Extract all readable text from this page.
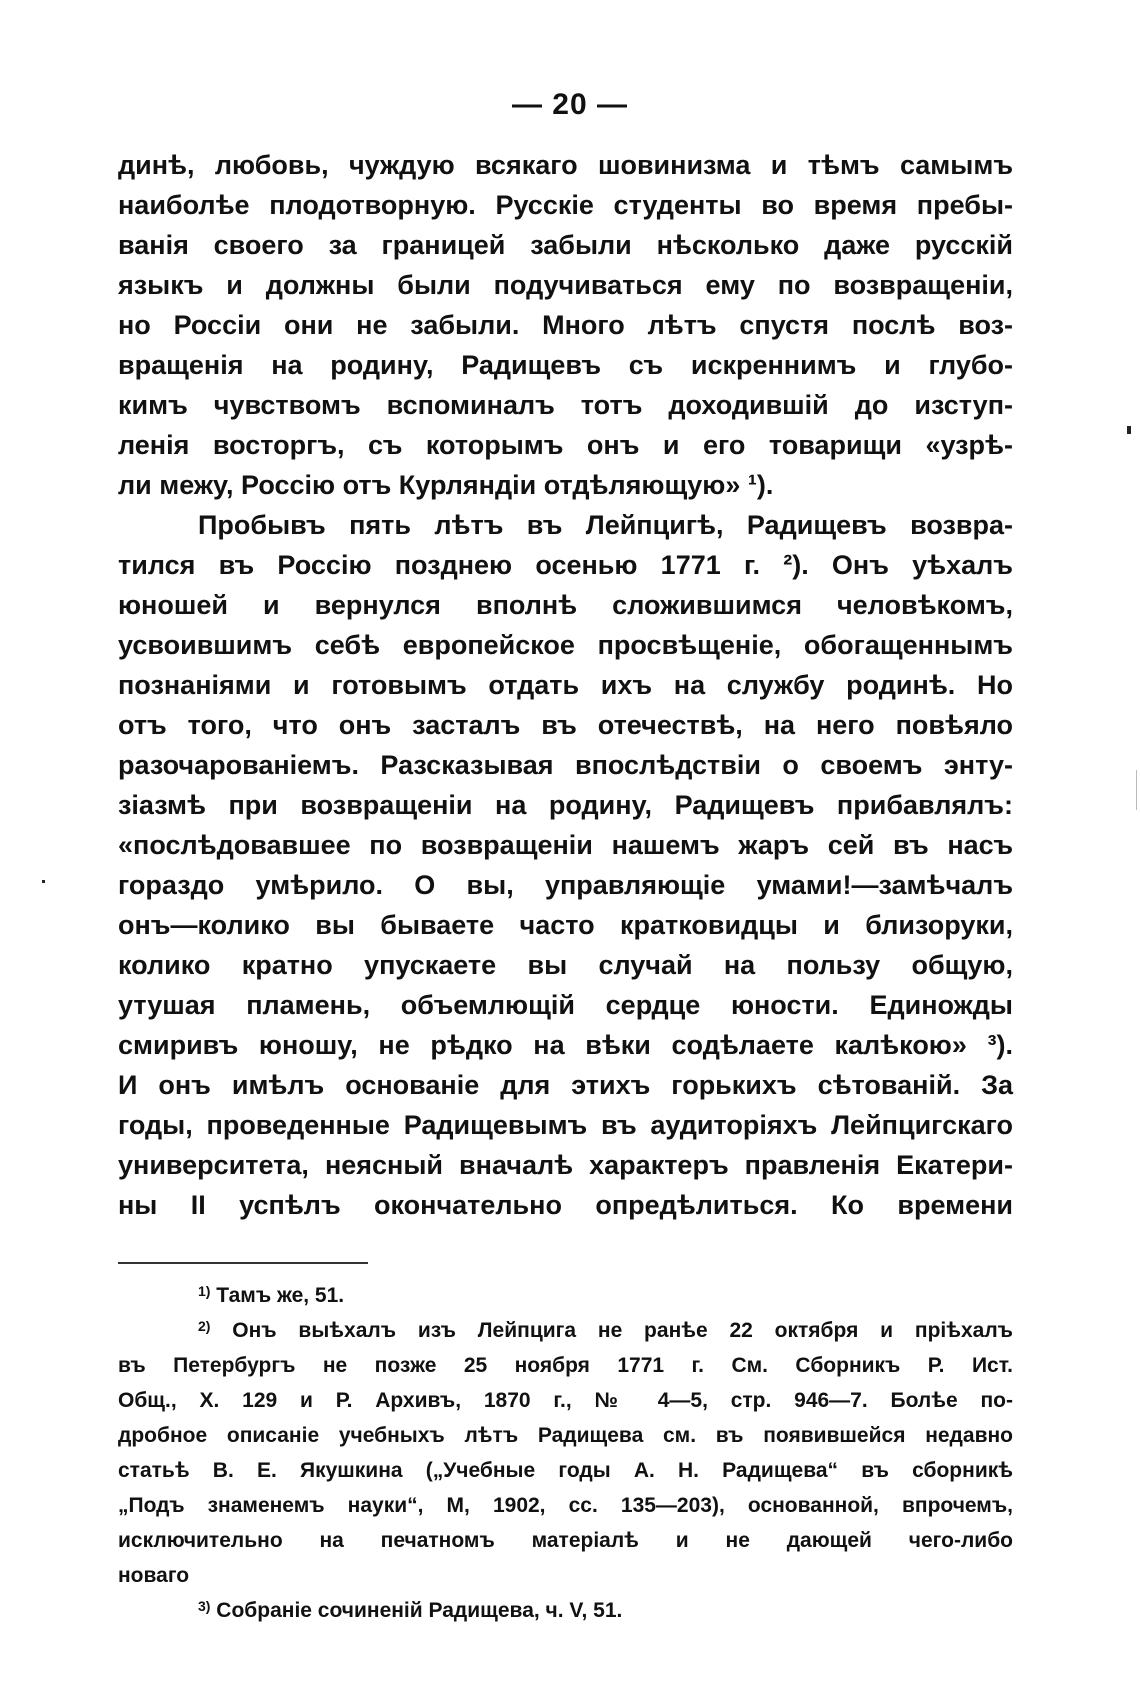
— 20 —
динѣ, любовь, чуждую всякаго шовинизма и тѣмъ самымъ
наиболѣе плодотворную. Русскіе студенты во время пребы-
ванія своего за границей забыли нѣсколько даже русскій
языкъ и должны были подучиваться ему по возвращеніи,
но Россіи они не забыли. Много лѣтъ спустя послѣ воз-
вращенія на родину, Радищевъ съ искреннимъ и глубо-
кимъ чувствомъ вспоминалъ тотъ доходившій до изступ-
ленія восторгъ, съ которымъ онъ и его товарищи «узрѣ-
ли межу, Россію отъ Курляндіи отдѣляющую» ¹).
Пробывъ пять лѣтъ въ Лейпцигѣ, Радищевъ возвра-
тился въ Россію позднею осенью 1771 г. ²). Онъ уѣхалъ
юношей и вернулся вполнѣ сложившимся человѣкомъ,
усвоившимъ себѣ европейское просвѣщеніе, обогащеннымъ
познаніями и готовымъ отдать ихъ на службу родинѣ. Но
отъ того, что онъ засталъ въ отечествѣ, на него повѣяло
разочарованіемъ. Разсказывая впослѣдствіи о своемъ энту-
зіазмѣ при возвращеніи на родину, Радищевъ прибавлялъ:
«послѣдовавшее по возвращеніи нашемъ жаръ сей въ насъ
гораздо умѣрило. О вы, управляющіе умами!—замѣчалъ
онъ—колико вы бываете часто кратковидцы и близоруки,
колико кратно упускаете вы случай на пользу общую,
утушая пламень, объемлющій сердце юности. Единожды
смиривъ юношу, не рѣдко на вѣки содѣлаете калѣкою» ³).
И онъ имѣлъ основаніе для этихъ горькихъ сѣтованій. За
годы, проведенные Радищевымъ въ аудиторіяхъ Лейпцигскаго
университета, неясный вначалѣ характеръ правленія Екатери-
ны II успѣлъ окончательно опредѣлиться. Ко времени
$^{1)}$ Тамъ же, 51.
$^{2)}$ Онъ выѣхалъ изъ Лейпцига не ранѣе 22 октября и пріѣхалъ
въ Петербургъ не позже 25 ноября 1771 г. См. Сборникъ Р. Ист.
Общ., X. 129 и Р. Архивъ, 1870 г., № 4—5, стр. 946—7. Болѣе по-
дробное описаніе учебныхъ лѣтъ Радищева см. въ появившейся недавно
статьѣ В. Е. Якушкина („Учебные годы А. Н. Радищева“ въ сборникѣ
„Подъ знаменемъ науки“, М, 1902, сс. 135—203), основанной, впрочемъ,
исключительно на печатномъ матеріалѣ и не дающей чего-либо
новаго
$^{3)}$ Собраніе сочиненій Радищева, ч. V, 51.
